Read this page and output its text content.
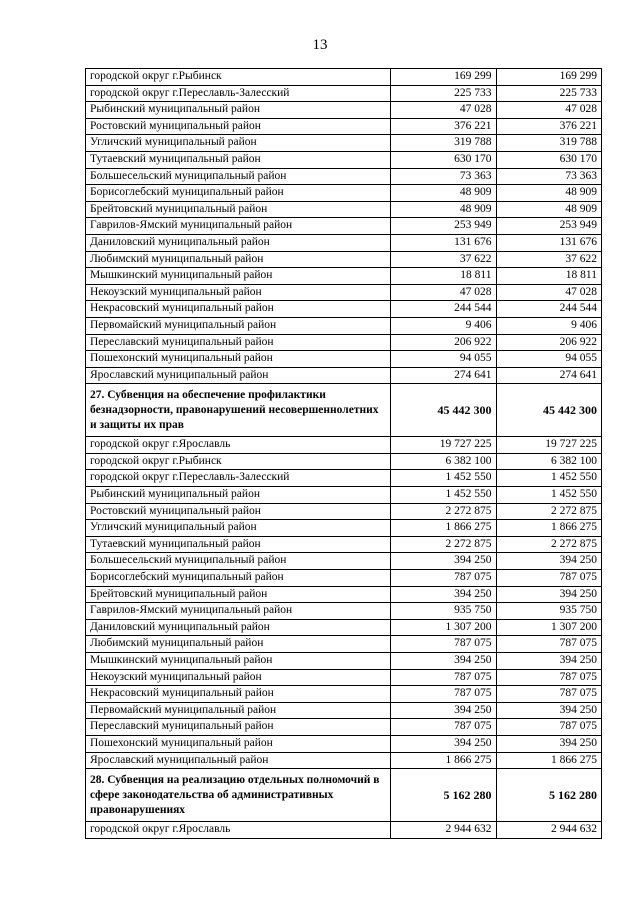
13
городской округ г.Рыбинск	169 299	169 299
городской округ г.Переславль-Залесский	225 733	225 733
Рыбинский муниципальный район	47 028	47 028
Ростовский муниципальный район	376 221	376 221
Угличский муниципальный район	319 788	319 788
Тутаевский муниципальный район	630 170	630 170
Большесельский муниципальный район	73 363	73 363
Борисоглебский муниципальный район	48 909	48 909
Брейтовский муниципальный район	48 909	48 909
Гаврилов-Ямский муниципальный район	253 949	253 949
Даниловский муниципальный район	131 676	131 676
Любимский муниципальный район	37 622	37 622
Мышкинский муниципальный район	18 811	18 811
Некоузский муниципальный район	47 028	47 028
Некрасовский муниципальный район	244 544	244 544
Первомайский муниципальный район	9 406	9 406
Переславский муниципальный район	206 922	206 922
Пошехонский муниципальный район	94 055	94 055
Ярославский муниципальный район	274 641	274 641
27. Субвенция на обеспечение профилактики безнадзорности, правонарушений несовершеннолетних и защиты их прав	45 442 300	45 442 300
городской округ г.Ярославль	19 727 225	19 727 225
городской округ г.Рыбинск	6 382 100	6 382 100
городской округ г.Переславль-Залесский	1 452 550	1 452 550
Рыбинский муниципальный район	1 452 550	1 452 550
Ростовский муниципальный район	2 272 875	2 272 875
Угличский муниципальный район	1 866 275	1 866 275
Тутаевский муниципальный район	2 272 875	2 272 875
Большесельский муниципальный район	394 250	394 250
Борисоглебский муниципальный район	787 075	787 075
Брейтовский муниципальный район	394 250	394 250
Гаврилов-Ямский муниципальный район	935 750	935 750
Даниловский муниципальный район	1 307 200	1 307 200
Любимский муниципальный район	787 075	787 075
Мышкинский муниципальный район	394 250	394 250
Некоузский муниципальный район	787 075	787 075
Некрасовский муниципальный район	787 075	787 075
Первомайский муниципальный район	394 250	394 250
Переславский муниципальный район	787 075	787 075
Пошехонский муниципальный район	394 250	394 250
Ярославский муниципальный район	1 866 275	1 866 275
28. Субвенция на реализацию отдельных полномочий в сфере законодательства об административных правонарушениях	5 162 280	5 162 280
городской округ г.Ярославль	2 944 632	2 944 632
